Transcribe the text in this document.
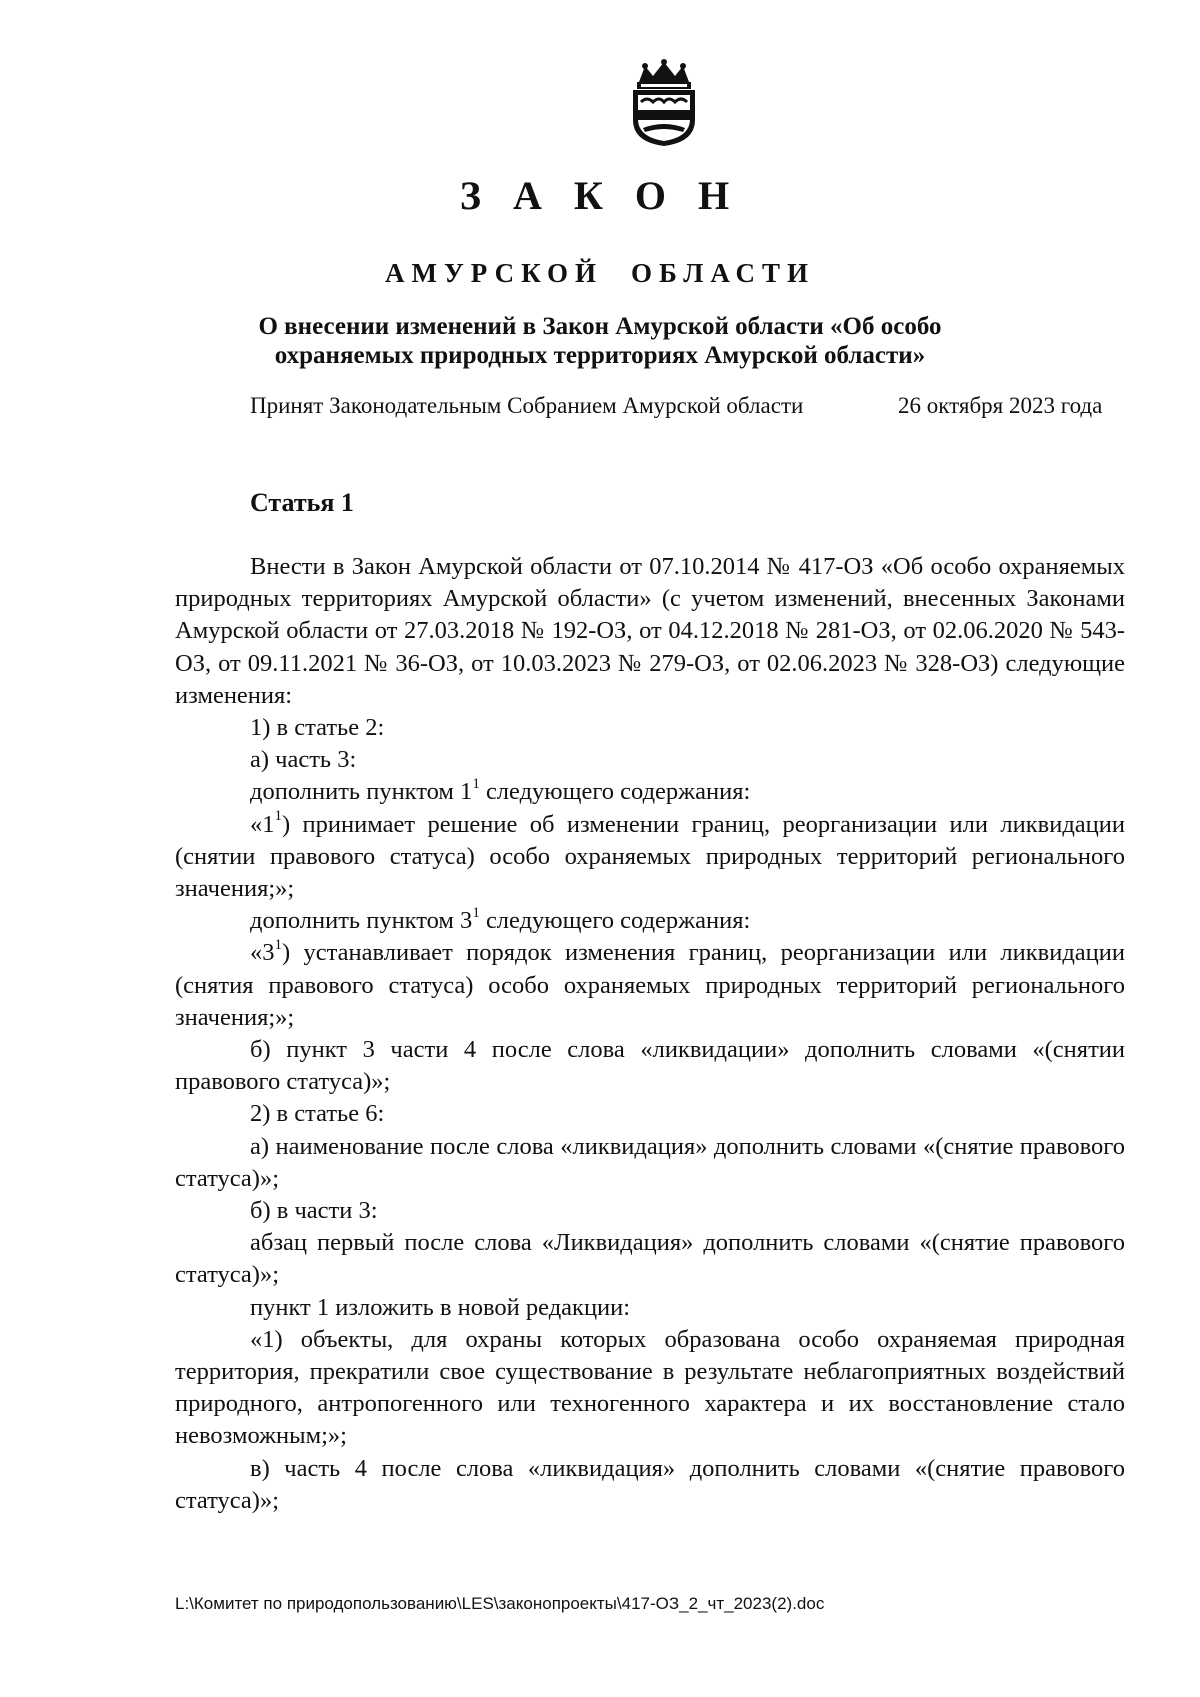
З А К О Н
АМУРСКОЙ ОБЛАСТИ
О внесении изменений в Закон Амурской области «Об особо
охраняемых природных территориях Амурской области»
Принят Законодательным Собранием Амурской области	26 октября 2023 года
Статья 1

Внести в Закон Амурской области от 07.10.2014 № 417-ОЗ «Об особо охраняемых природных территориях Амурской области» (с учетом изменений, внесенных Законами Амурской области от 27.03.2018 № 192-ОЗ, от 04.12.2018 № 281-ОЗ, от 02.06.2020 № 543-ОЗ, от 09.11.2021 № 36-ОЗ, от 10.03.2023 № 279-ОЗ, от 02.06.2023 № 328-ОЗ) следующие изменения:

1) в статье 2:

а) часть 3:

дополнить пунктом $1^1$ следующего содержания:

«$1^1$) принимает решение об изменении границ, реорганизации или ликвидации (снятии правового статуса) особо охраняемых природных территорий регионального значения;»;

дополнить пунктом $3^1$ следующего содержания:

«$3^1$) устанавливает порядок изменения границ, реорганизации или ликвидации (снятия правового статуса) особо охраняемых природных территорий регионального значения;»;

б) пункт 3 части 4 после слова «ликвидации» дополнить словами «(снятии правового статуса)»;

2) в статье 6:

а) наименование после слова «ликвидация» дополнить словами «(снятие правового статуса)»;

б) в части 3:

абзац первый после слова «Ликвидация» дополнить словами «(снятие правового статуса)»;

пункт 1 изложить в новой редакции:

«1) объекты, для охраны которых образована особо охраняемая природная территория, прекратили свое существование в результате неблагоприятных воздействий природного, антропогенного или техногенного характера и их восстановление стало невозможным;»;

в) часть 4 после слова «ликвидация» дополнить словами «(снятие правового статуса)»;

L:\Комитет по природопользованию\LES\законопроекты\417-ОЗ_2_чт_2023(2).doc
